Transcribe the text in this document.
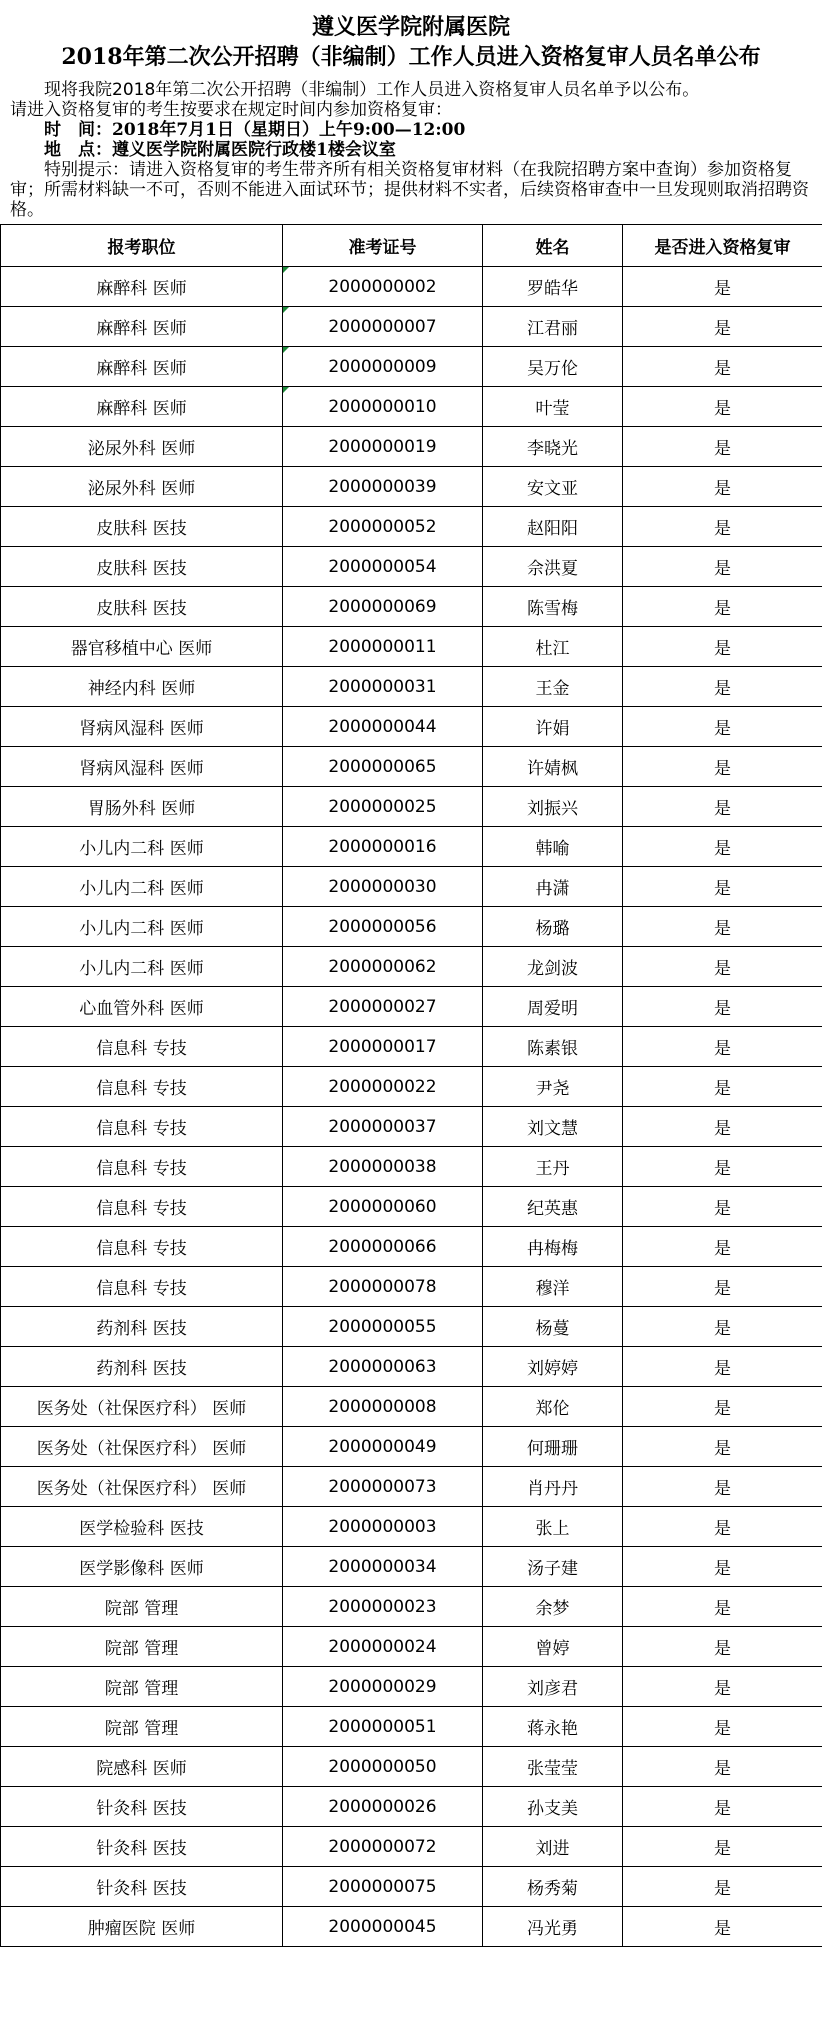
遵义医学院附属医院
2018年第二次公开招聘（非编制）工作人员进入资格复审人员名单公布

现将我院2018年第二次公开招聘（非编制）工作人员进入资格复审人员名单予以公布。

请进入资格复审的考生按要求在规定时间内参加资格复审：

时　间：2018年7月1日（星期日）上午9:00—12:00

地　点：遵义医学院附属医院行政楼1楼会议室

特别提示：请进入资格复审的考生带齐所有相关资格复审材料（在我院招聘方案中查询）参加资格复审；所需材料缺一不可，否则不能进入面试环节；提供材料不实者，后续资格审查中一旦发现则取消招聘资格。

报考职位	准考证号	姓名	是否进入资格复审
麻醉科 医师	2000000002	罗皓华	是
麻醉科 医师	2000000007	江君丽	是
麻醉科 医师	2000000009	吴万伦	是
麻醉科 医师	2000000010	叶莹	是
泌尿外科 医师	2000000019	李晓光	是
泌尿外科 医师	2000000039	安文亚	是
皮肤科 医技	2000000052	赵阳阳	是
皮肤科 医技	2000000054	佘洪夏	是
皮肤科 医技	2000000069	陈雪梅	是
器官移植中心 医师	2000000011	杜江	是
神经内科 医师	2000000031	王金	是
肾病风湿科 医师	2000000044	许娟	是
肾病风湿科 医师	2000000065	许婧枫	是
胃肠外科 医师	2000000025	刘振兴	是
小儿内二科 医师	2000000016	韩喻	是
小儿内二科 医师	2000000030	冉潇	是
小儿内二科 医师	2000000056	杨璐	是
小儿内二科 医师	2000000062	龙剑波	是
心血管外科 医师	2000000027	周爱明	是
信息科 专技	2000000017	陈素银	是
信息科 专技	2000000022	尹尧	是
信息科 专技	2000000037	刘文慧	是
信息科 专技	2000000038	王丹	是
信息科 专技	2000000060	纪英惠	是
信息科 专技	2000000066	冉梅梅	是
信息科 专技	2000000078	穆洋	是
药剂科 医技	2000000055	杨蔓	是
药剂科 医技	2000000063	刘婷婷	是
医务处（社保医疗科） 医师	2000000008	郑伦	是
医务处（社保医疗科） 医师	2000000049	何珊珊	是
医务处（社保医疗科） 医师	2000000073	肖丹丹	是
医学检验科 医技	2000000003	张上	是
医学影像科 医师	2000000034	汤子建	是
院部 管理	2000000023	余梦	是
院部 管理	2000000024	曾婷	是
院部 管理	2000000029	刘彦君	是
院部 管理	2000000051	蒋永艳	是
院感科 医师	2000000050	张莹莹	是
针灸科 医技	2000000026	孙支美	是
针灸科 医技	2000000072	刘进	是
针灸科 医技	2000000075	杨秀菊	是
肿瘤医院 医师	2000000045	冯光勇	是
